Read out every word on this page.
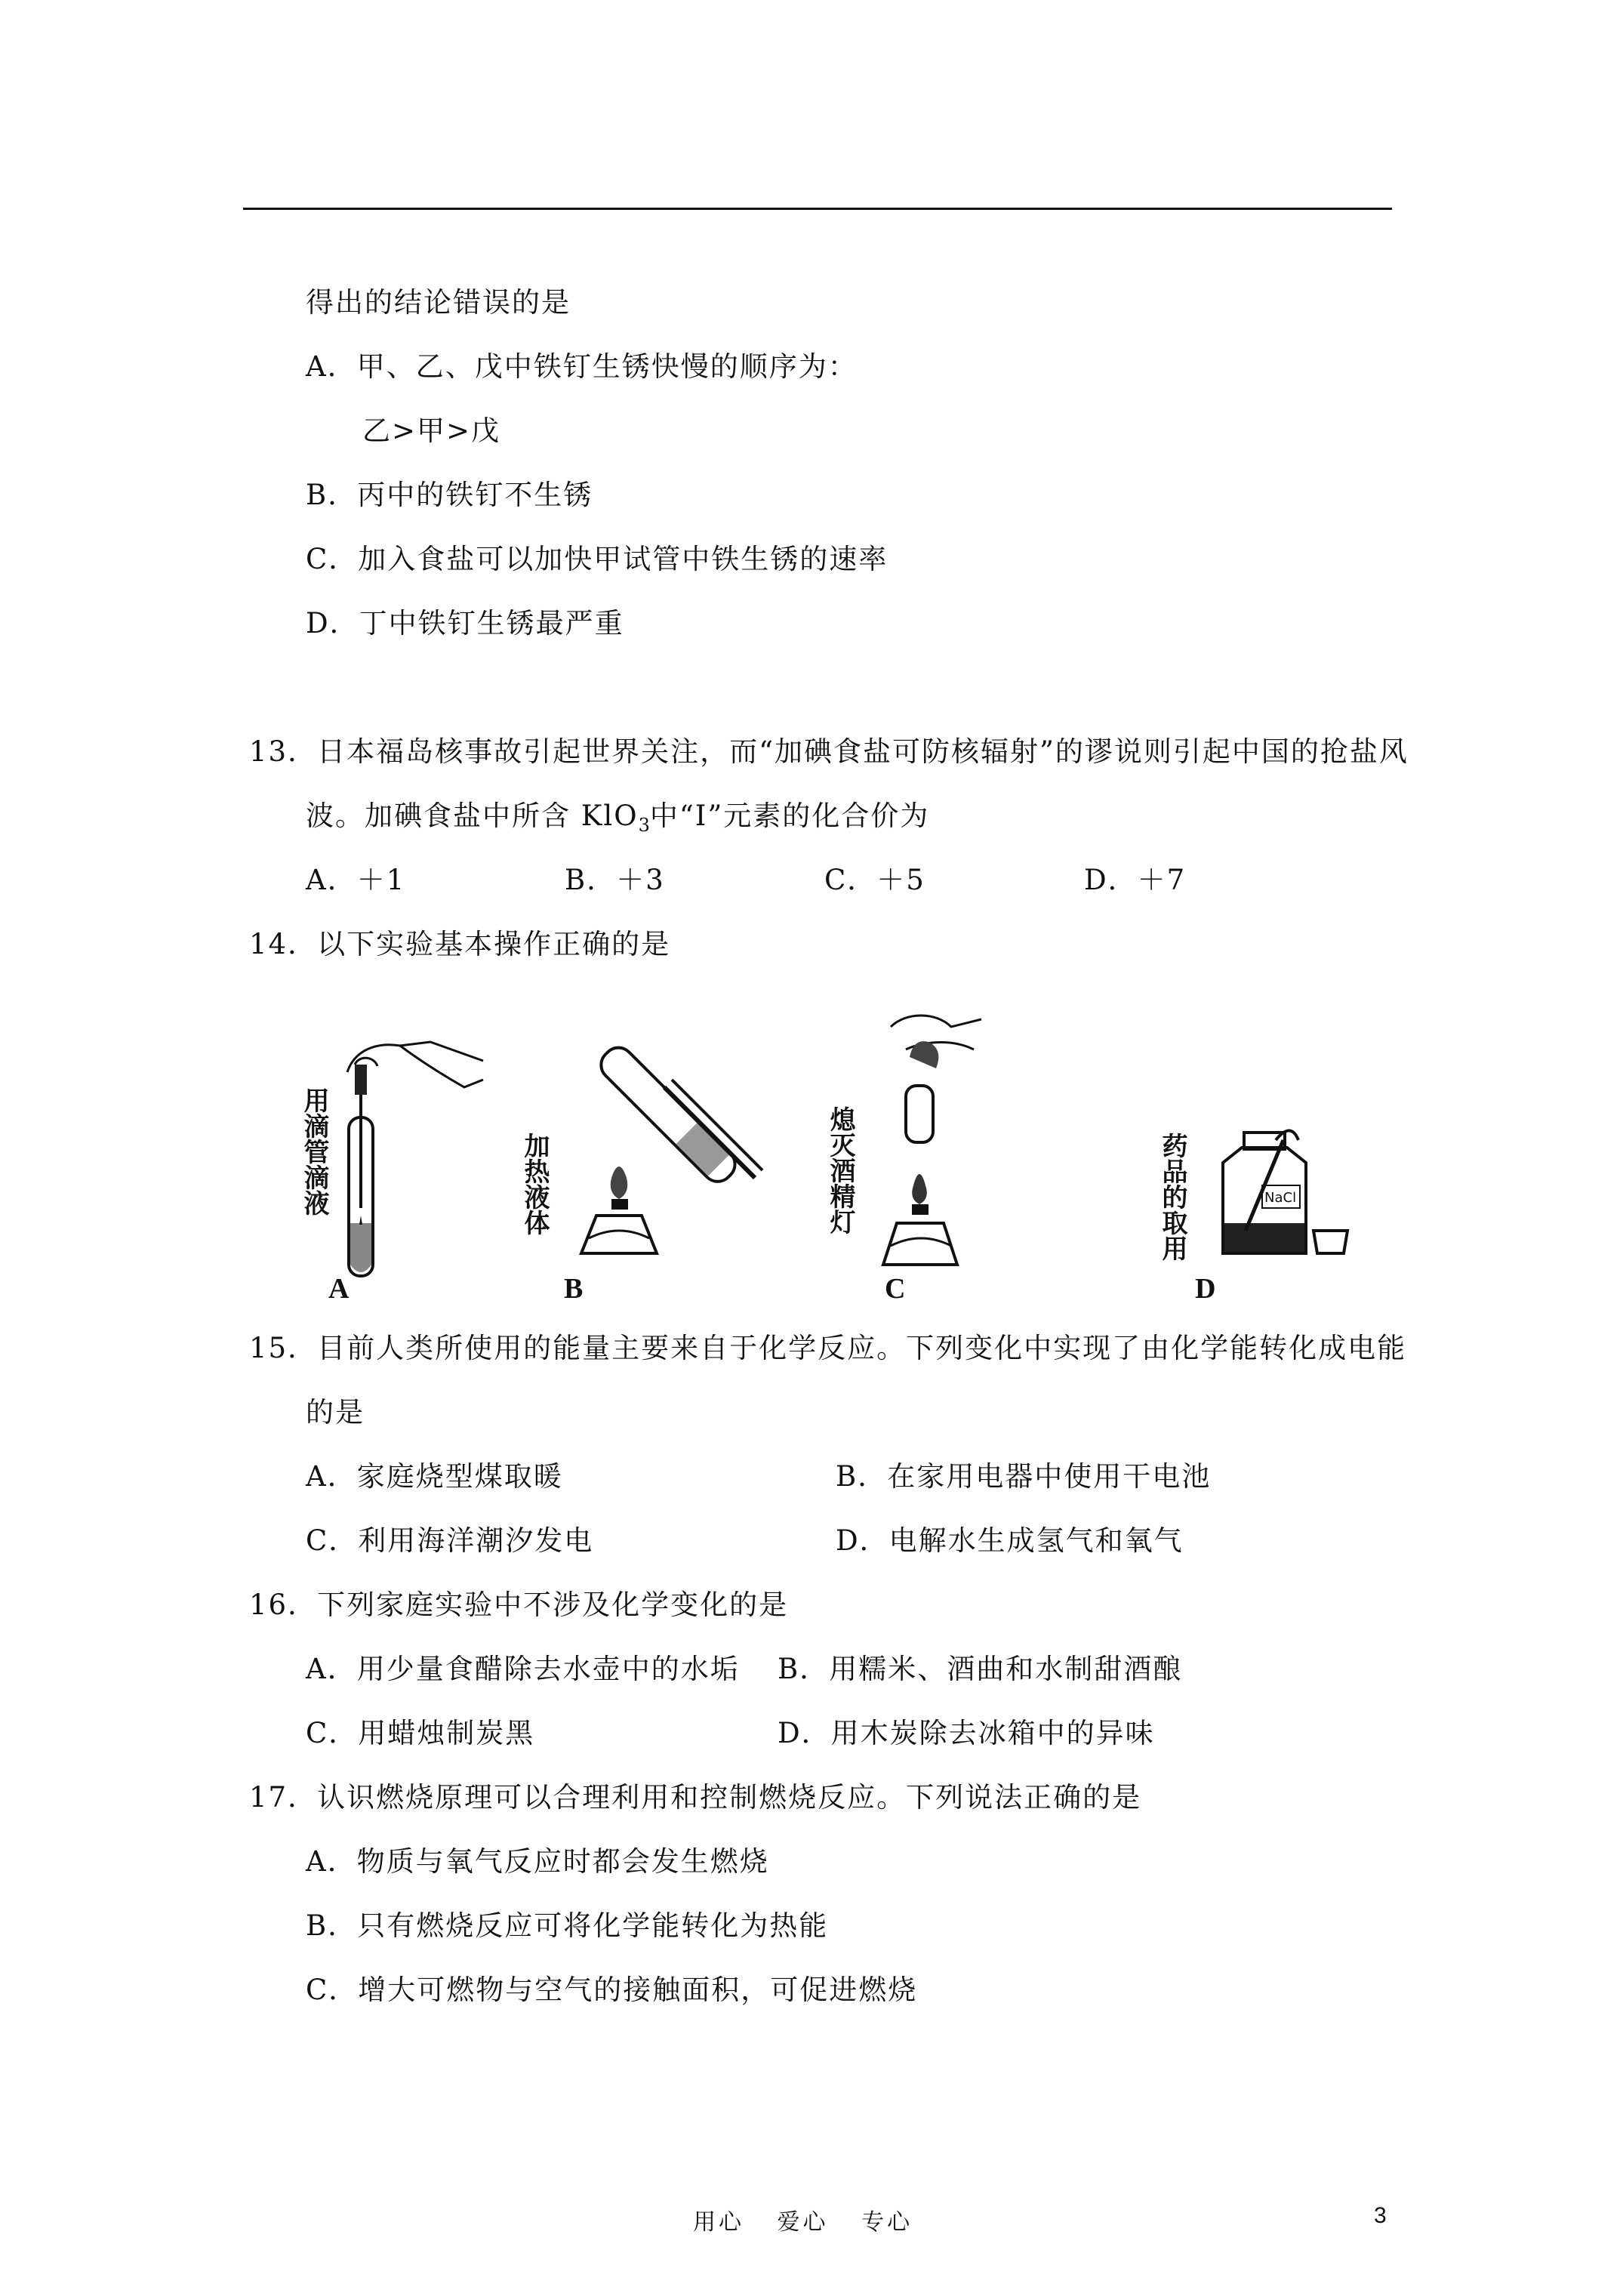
得出的结论错误的是
A．甲、乙、戊中铁钉生锈快慢的顺序为：
乙>甲>戊
B．丙中的铁钉不生锈
C．加入食盐可以加快甲试管中铁生锈的速率
D．丁中铁钉生锈最严重
13．日本福岛核事故引起世界关注，而“加碘食盐可防核辐射”的谬说则引起中国的抢盐风
波。加碘食盐中所含 KlO$_3$中“I”元素的化合价为
A．＋1	B．＋3	C．＋5	D．＋7
14．以下实验基本操作正确的是
用滴管滴液
A
加热液体
B
熄灭酒精灯
C
药品的取用	NaCl
D
15．目前人类所使用的能量主要来自于化学反应。下列变化中实现了由化学能转化成电能
的是
A．家庭烧型煤取暖	B．在家用电器中使用干电池
C．利用海洋潮汐发电	D．电解水生成氢气和氧气
16．下列家庭实验中不涉及化学变化的是
A．用少量食醋除去水壶中的水垢 B．用糯米、酒曲和水制甜酒酿
C．用蜡烛制炭黑	D．用木炭除去冰箱中的异味
17．认识燃烧原理可以合理利用和控制燃烧反应。下列说法正确的是
A．物质与氧气反应时都会发生燃烧
B．只有燃烧反应可将化学能转化为热能
C．增大可燃物与空气的接触面积，可促进燃烧
用心 爱心 专心	3
